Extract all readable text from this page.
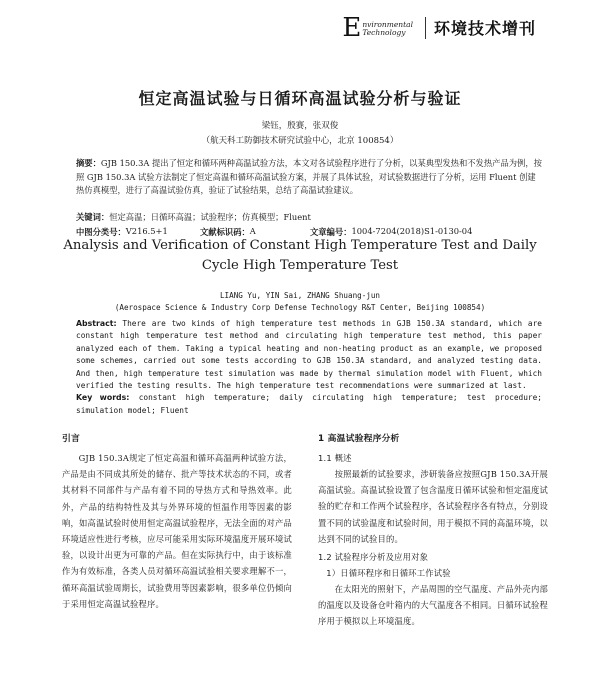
E nvironmental
Technology	环境技术增刊
恒定高温试验与日循环高温试验分析与验证
梁钰，殷赛，张双俊
（航天科工防御技术研究试验中心，北京 100854）
摘要：GJB 150.3A 提出了恒定和循环两种高温试验方法，本文对各试验程序进行了分析，以某典型发热和不发热产品为例，按照 GJB 150.3A 试验方法制定了恒定高温和循环高温试验方案，并展了具体试验，对试验数据进行了分析，运用 Fluent 创建热仿真模型，进行了高温试验仿真，验证了试验结果，总结了高温试验建议。
关键词：恒定高温；日循环高温；试验程序；仿真模型；Fluent
中图分类号： V216.5+1	文献标识码： A	文章编号： 1004-7204(2018)S1-0130-04
Analysis and Verification of Constant High Temperature Test and Daily Cycle High Temperature Test
LIANG Yu, YIN Sai, ZHANG Shuang-jun
(Aerospace Science & Industry Corp Defense Technology R&T Center, Beijing 100854)
Abstract: There are two kinds of high temperature test methods in GJB 150.3A standard, which are constant high temperature test method and circulating high temperature test method, this paper analyzed each of them. Taking a typical heating and non-heating product as an example, we proposed some schemes, carried out some tests according to GJB 150.3A standard, and analyzed testing data. And then, high temperature test simulation was made by thermal simulation model with Fluent, which verified the testing results. The high temperature test recommendations were summarized at last.
Key words: constant high temperature; daily circulating high temperature; test procedure; simulation model; Fluent
引言
GJB 150.3A规定了恒定高温和循环高温两种试验方法，产品是由不同成其所处的储存、批产等技术状态的不同，或者其材料不同部件与产品有着不同的导热方式和导热效率。此外，产品的结构特性及其与外界环境的恒温作用等因素的影响，如高温试验时使用恒定高温试验程序，无法全面的对产品环境适应性进行考核，应尽可能采用实际环境温度开展环境试验，以设计出更为可靠的产品。但在实际执行中，由于该标准作为有效标准，各类人员对循环高温试验相关要求理解不一，循环高温试验周期长，试验费用等因素影响，很多单位仍倾向于采用恒定高温试验程序。
1 高温试验程序分析
1.1 概述
按照最新的试验要求，涉研装备应按照GJB 150.3A开展高温试验。高温试验设置了包含温度日循环试验和恒定温度试验的贮存和工作两个试验程序，各试验程序各有特点，分别设置不同的试验温度和试验时间，用于模拟不同的高温环境，以达到不同的试验目的。
1.2 试验程序分析及应用对象
1）日循环程序和日循环工作试验
在太阳光的照射下，产品周围的空气温度、产品外壳内部的温度以及设备仓叶箱内的大气温度各不相同。日循环试验程序用于模拟以上环境温度。
